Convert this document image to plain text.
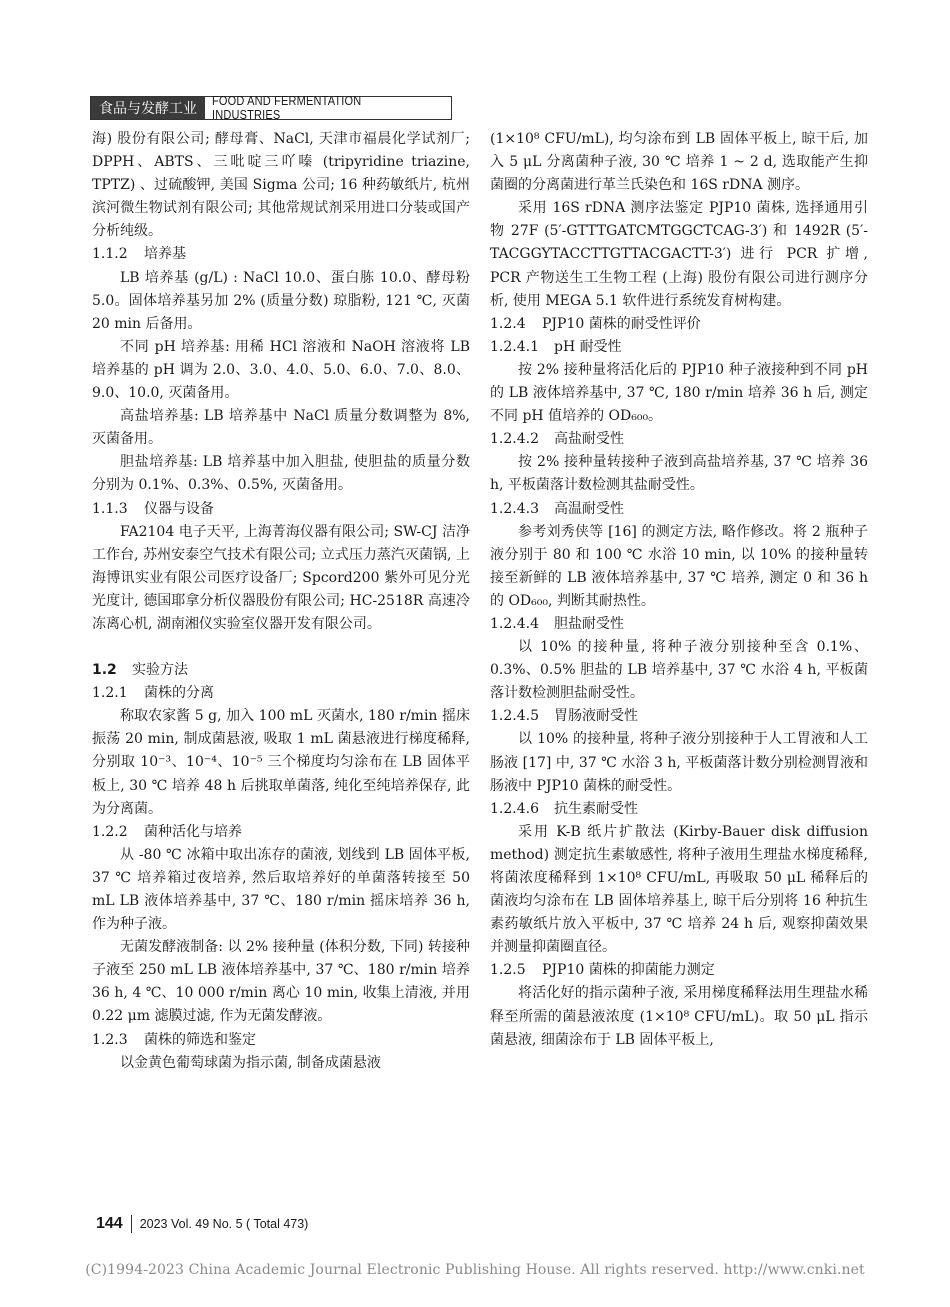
食品与发酵工业	FOOD AND FERMENTATION INDUSTRIES

海) 股份有限公司; 酵母膏、NaCl, 天津市福晨化学试剂厂; DPPH、ABTS、三吡啶三吖嗪 (tripyridine triazine, TPTZ) 、过硫酸钾, 美国 Sigma 公司; 16 种药敏纸片, 杭州滨河微生物试剂有限公司; 其他常规试剂采用进口分装或国产分析纯级。

1.1.2 培养基

LB 培养基 (g/L) : NaCl 10.0、蛋白胨 10.0、酵母粉 5.0。固体培养基另加 2% (质量分数) 琼脂粉, 121 ℃, 灭菌 20 min 后备用。

不同 pH 培养基: 用稀 HCl 溶液和 NaOH 溶液将 LB 培养基的 pH 调为 2.0、3.0、4.0、5.0、6.0、7.0、8.0、9.0、10.0, 灭菌备用。

高盐培养基: LB 培养基中 NaCl 质量分数调整为 8%, 灭菌备用。

胆盐培养基: LB 培养基中加入胆盐, 使胆盐的质量分数分别为 0.1%、0.3%、0.5%, 灭菌备用。

1.1.3 仪器与设备

FA2104 电子天平, 上海菁海仪器有限公司; SW-CJ 洁净工作台, 苏州安泰空气技术有限公司; 立式压力蒸汽灭菌锅, 上海博讯实业有限公司医疗设备厂; Spcord200 紫外可见分光光度计, 德国耶拿分析仪器股份有限公司; HC-2518R 高速冷冻离心机, 湖南湘仪实验室仪器开发有限公司。

1.2 实验方法

1.2.1 菌株的分离

称取农家酱 5 g, 加入 100 mL 灭菌水, 180 r/min 摇床振荡 20 min, 制成菌悬液, 吸取 1 mL 菌悬液进行梯度稀释, 分别取 10⁻³、10⁻⁴、10⁻⁵ 三个梯度均匀涂布在 LB 固体平板上, 30 ℃ 培养 48 h 后挑取单菌落, 纯化至纯培养保存, 此为分离菌。

1.2.2 菌种活化与培养

从 -80 ℃ 冰箱中取出冻存的菌液, 划线到 LB 固体平板, 37 ℃ 培养箱过夜培养, 然后取培养好的单菌落转接至 50 mL LB 液体培养基中, 37 ℃、180 r/min 摇床培养 36 h, 作为种子液。

无菌发酵液制备: 以 2% 接种量 (体积分数, 下同) 转接种子液至 250 mL LB 液体培养基中, 37 ℃、180 r/min 培养 36 h, 4 ℃、10 000 r/min 离心 10 min, 收集上清液, 并用 0.22 μm 滤膜过滤, 作为无菌发酵液。

1.2.3 菌株的筛选和鉴定

以金黄色葡萄球菌为指示菌, 制备成菌悬液

(1×10⁸ CFU/mL), 均匀涂布到 LB 固体平板上, 晾干后, 加入 5 μL 分离菌种子液, 30 ℃ 培养 1 ~ 2 d, 选取能产生抑菌圈的分离菌进行革兰氏染色和 16S rDNA 测序。

采用 16S rDNA 测序法鉴定 PJP10 菌株, 选择通用引物 27F (5′-GTTTGATCMTGGCTCAG-3′) 和 1492R (5′-TACGGYTACCTTGTTACGACTT-3′) 进行 PCR 扩增, PCR 产物送生工生物工程 (上海) 股份有限公司进行测序分析, 使用 MEGA 5.1 软件进行系统发育树构建。

1.2.4 PJP10 菌株的耐受性评价

1.2.4.1 pH 耐受性

按 2% 接种量将活化后的 PJP10 种子液接种到不同 pH 的 LB 液体培养基中, 37 ℃, 180 r/min 培养 36 h 后, 测定不同 pH 值培养的 OD₆₀₀。

1.2.4.2 高盐耐受性

按 2% 接种量转接种子液到高盐培养基, 37 ℃ 培养 36 h, 平板菌落计数检测其盐耐受性。

1.2.4.3 高温耐受性

参考刘秀侠等 [16] 的测定方法, 略作修改。将 2 瓶种子液分别于 80 和 100 ℃ 水浴 10 min, 以 10% 的接种量转接至新鲜的 LB 液体培养基中, 37 ℃ 培养, 测定 0 和 36 h 的 OD₆₀₀, 判断其耐热性。

1.2.4.4 胆盐耐受性

以 10% 的接种量, 将种子液分别接种至含 0.1%、0.3%、0.5% 胆盐的 LB 培养基中, 37 ℃ 水浴 4 h, 平板菌落计数检测胆盐耐受性。

1.2.4.5 胃肠液耐受性

以 10% 的接种量, 将种子液分别接种于人工胃液和人工肠液 [17] 中, 37 ℃ 水浴 3 h, 平板菌落计数分别检测胃液和肠液中 PJP10 菌株的耐受性。

1.2.4.6 抗生素耐受性

采用 K-B 纸片扩散法 (Kirby-Bauer disk diffusion method) 测定抗生素敏感性, 将种子液用生理盐水梯度稀释, 将菌浓度稀释到 1×10⁸ CFU/mL, 再吸取 50 μL 稀释后的菌液均匀涂布在 LB 固体培养基上, 晾干后分别将 16 种抗生素药敏纸片放入平板中, 37 ℃ 培养 24 h 后, 观察抑菌效果并测量抑菌圈直径。

1.2.5 PJP10 菌株的抑菌能力测定

将活化好的指示菌种子液, 采用梯度稀释法用生理盐水稀释至所需的菌悬液浓度 (1×10⁸ CFU/mL)。取 50 μL 指示菌悬液, 细菌涂布于 LB 固体平板上,

144	2023 Vol. 49 No. 5 ( Total 473)
(C)1994-2023 China Academic Journal Electronic Publishing House. All rights reserved. http://www.cnki.net
